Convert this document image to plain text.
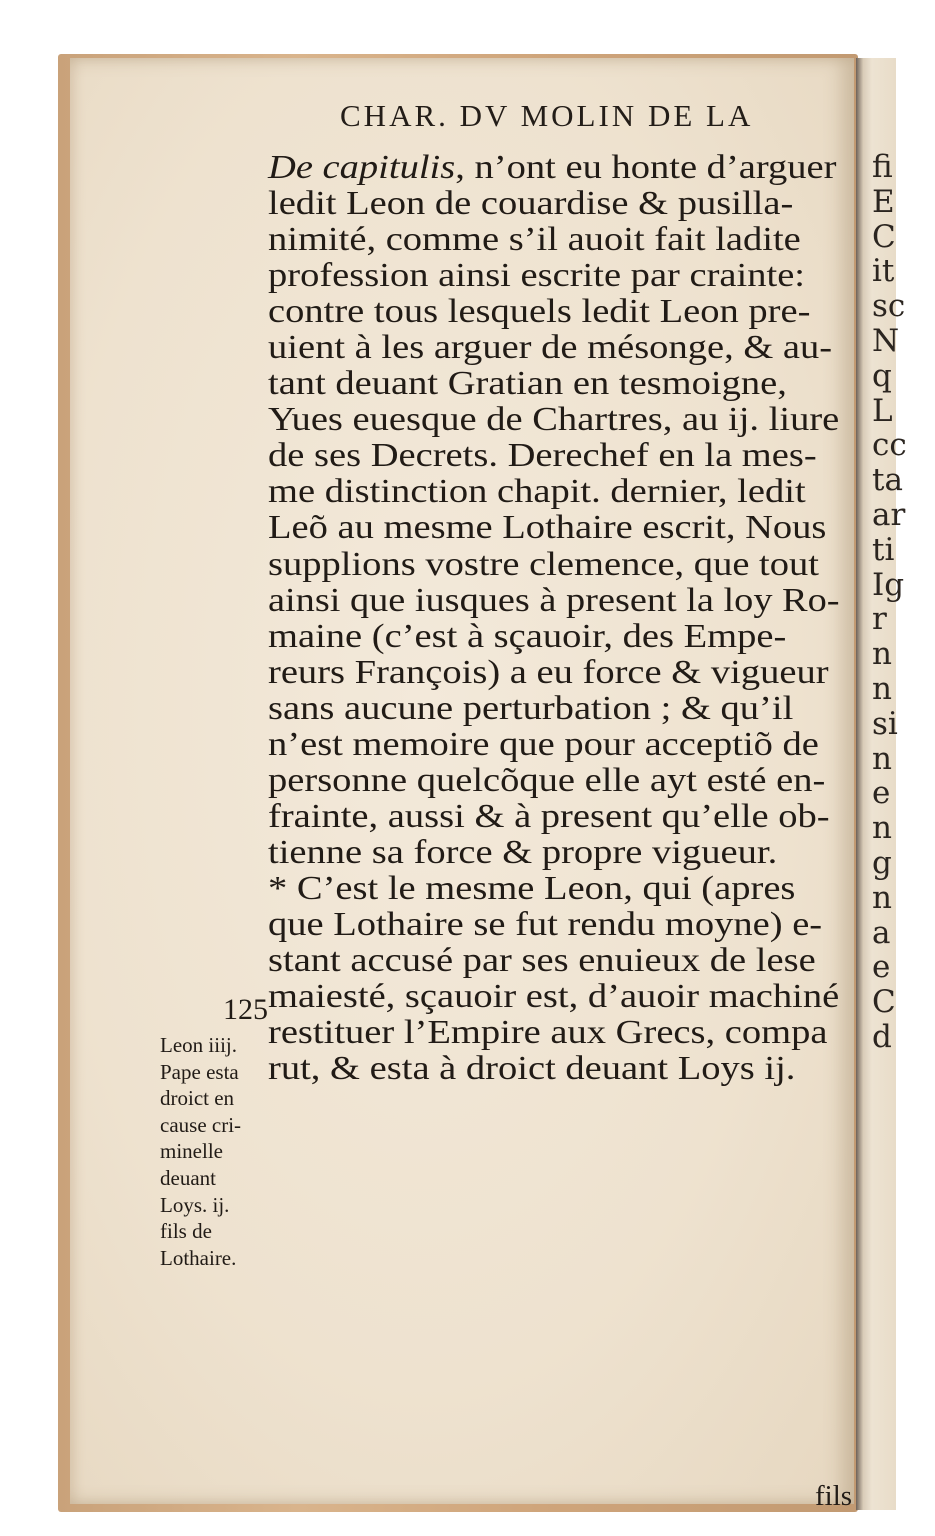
fi
E
C
it
sc
N
q
L
cc
ta
ar
ti
Ig
r
n
n
si
n
e
n
g
n
a
e
C
d
CHAR. DV MOLIN DE LA
De capitulis, n’ont eu honte d’arguer
ledit Leon de couardise & pusilla-
nimité, comme s’il auoit fait ladite
profession ainsi escrite par crainte:
contre tous lesquels ledit Leon pre-
uient à les arguer de mésonge, & au-
tant deuant Gratian en tesmoigne,
Yues euesque de Chartres, au ij. liure
de ses Decrets. Derechef en la mes-
me distinction chapit. dernier, ledit
Leõ au mesme Lothaire escrit, Nous
supplions vostre clemence, que tout
ainsi que iusques à present la loy Ro-
maine (c’est à sçauoir, des Empe-
reurs François) a eu force & vigueur
sans aucune perturbation ; & qu’il
n’est memoire que pour acceptiõ de
personne quelcõque elle ayt esté en-
frainte, aussi & à present qu’elle ob-
tienne sa force & propre vigueur.
* C’est le mesme Leon, qui (apres
que Lothaire se fut rendu moyne) e-
stant accusé par ses enuieux de lese
maiesté, sçauoir est, d’auoir machiné
restituer l’Empire aux Grecs, compa
rut, & esta à droict deuant Loys ij.
125
Leon iiij.
Pape esta
droict en
cause cri-
minelle
deuant
Loys. ij.
fils de
Lothaire.
fils
